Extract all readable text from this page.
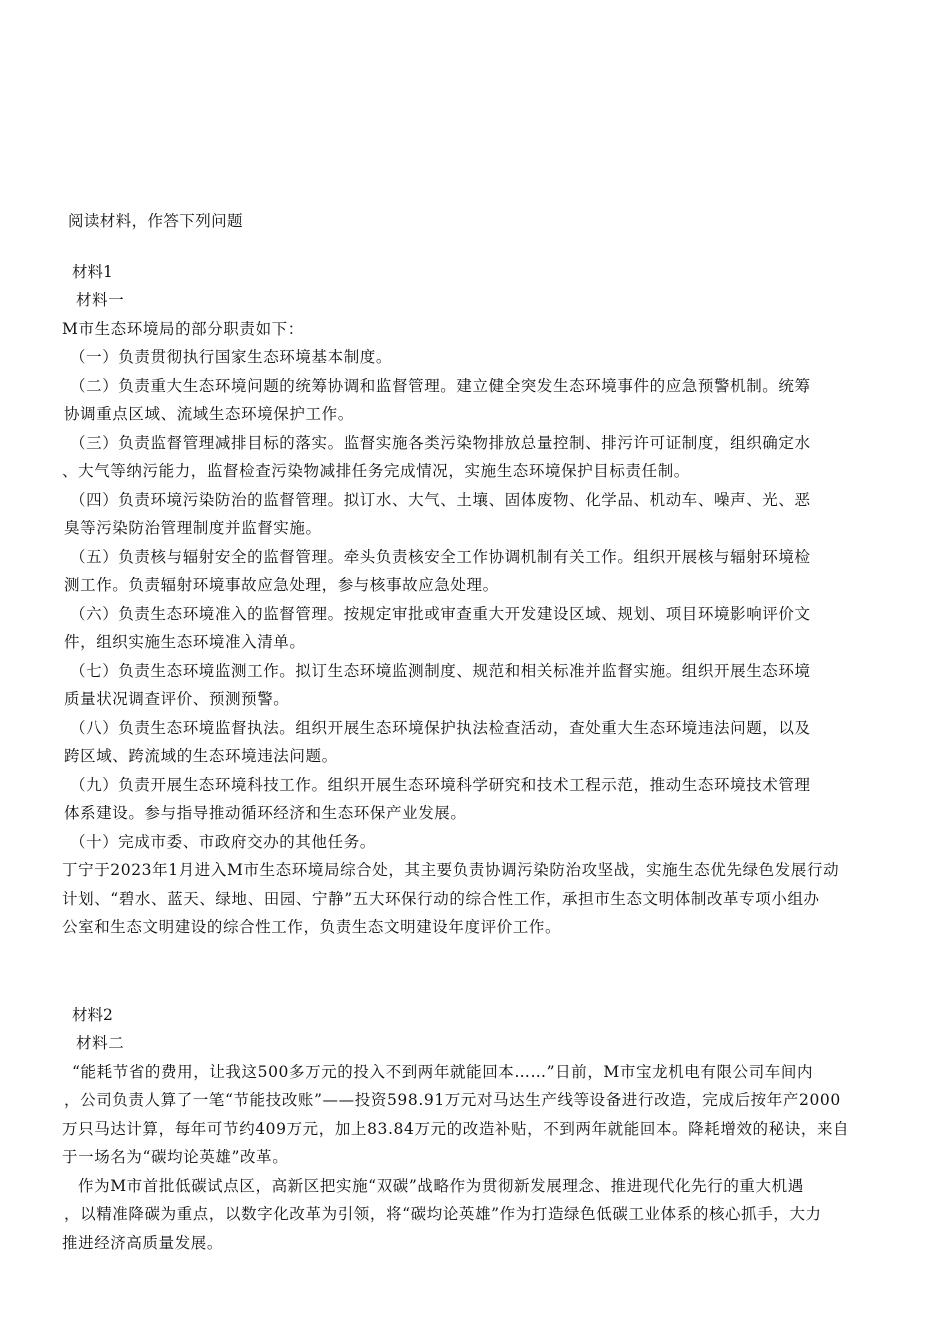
阅读材料，作答下列问题
材料1
材料一
M市生态环境局的部分职责如下：
（一）负责贯彻执行国家生态环境基本制度。
（二）负责重大生态环境问题的统筹协调和监督管理。建立健全突发生态环境事件的应急预警机制。统筹
协调重点区域、流域生态环境保护工作。
（三）负责监督管理减排目标的落实。监督实施各类污染物排放总量控制、排污许可证制度，组织确定水
、大气等纳污能力，监督检查污染物减排任务完成情况，实施生态环境保护目标责任制。
（四）负责环境污染防治的监督管理。拟订水、大气、土壤、固体废物、化学品、机动车、噪声、光、恶
臭等污染防治管理制度并监督实施。
（五）负责核与辐射安全的监督管理。牵头负责核安全工作协调机制有关工作。组织开展核与辐射环境检
测工作。负责辐射环境事故应急处理，参与核事故应急处理。
（六）负责生态环境准入的监督管理。按规定审批或审查重大开发建设区域、规划、项目环境影响评价文
件，组织实施生态环境准入清单。
（七）负责生态环境监测工作。拟订生态环境监测制度、规范和相关标准并监督实施。组织开展生态环境
质量状况调查评价、预测预警。
（八）负责生态环境监督执法。组织开展生态环境保护执法检查活动，查处重大生态环境违法问题，以及
跨区域、跨流域的生态环境违法问题。
（九）负责开展生态环境科技工作。组织开展生态环境科学研究和技术工程示范，推动生态环境技术管理
体系建设。参与指导推动循环经济和生态环保产业发展。
（十）完成市委、市政府交办的其他任务。
丁宁于2023年1月进入M市生态环境局综合处，其主要负责协调污染防治攻坚战，实施生态优先绿色发展行动
计划、“碧水、蓝天、绿地、田园、宁静”五大环保行动的综合性工作，承担市生态文明体制改革专项小组办
公室和生态文明建设的综合性工作，负责生态文明建设年度评价工作。
材料2
材料二
“能耗节省的费用，让我这500多万元的投入不到两年就能回本……”日前，M市宝龙机电有限公司车间内
，公司负责人算了一笔“节能技改账”——投资598.91万元对马达生产线等设备进行改造，完成后按年产2000
万只马达计算，每年可节约409万元，加上83.84万元的改造补贴，不到两年就能回本。降耗增效的秘诀，来自
于一场名为“碳均论英雄”改革。
作为M市首批低碳试点区，高新区把实施“双碳”战略作为贯彻新发展理念、推进现代化先行的重大机遇
，以精准降碳为重点，以数字化改革为引领，将“碳均论英雄”作为打造绿色低碳工业体系的核心抓手，大力
推进经济高质量发展。
